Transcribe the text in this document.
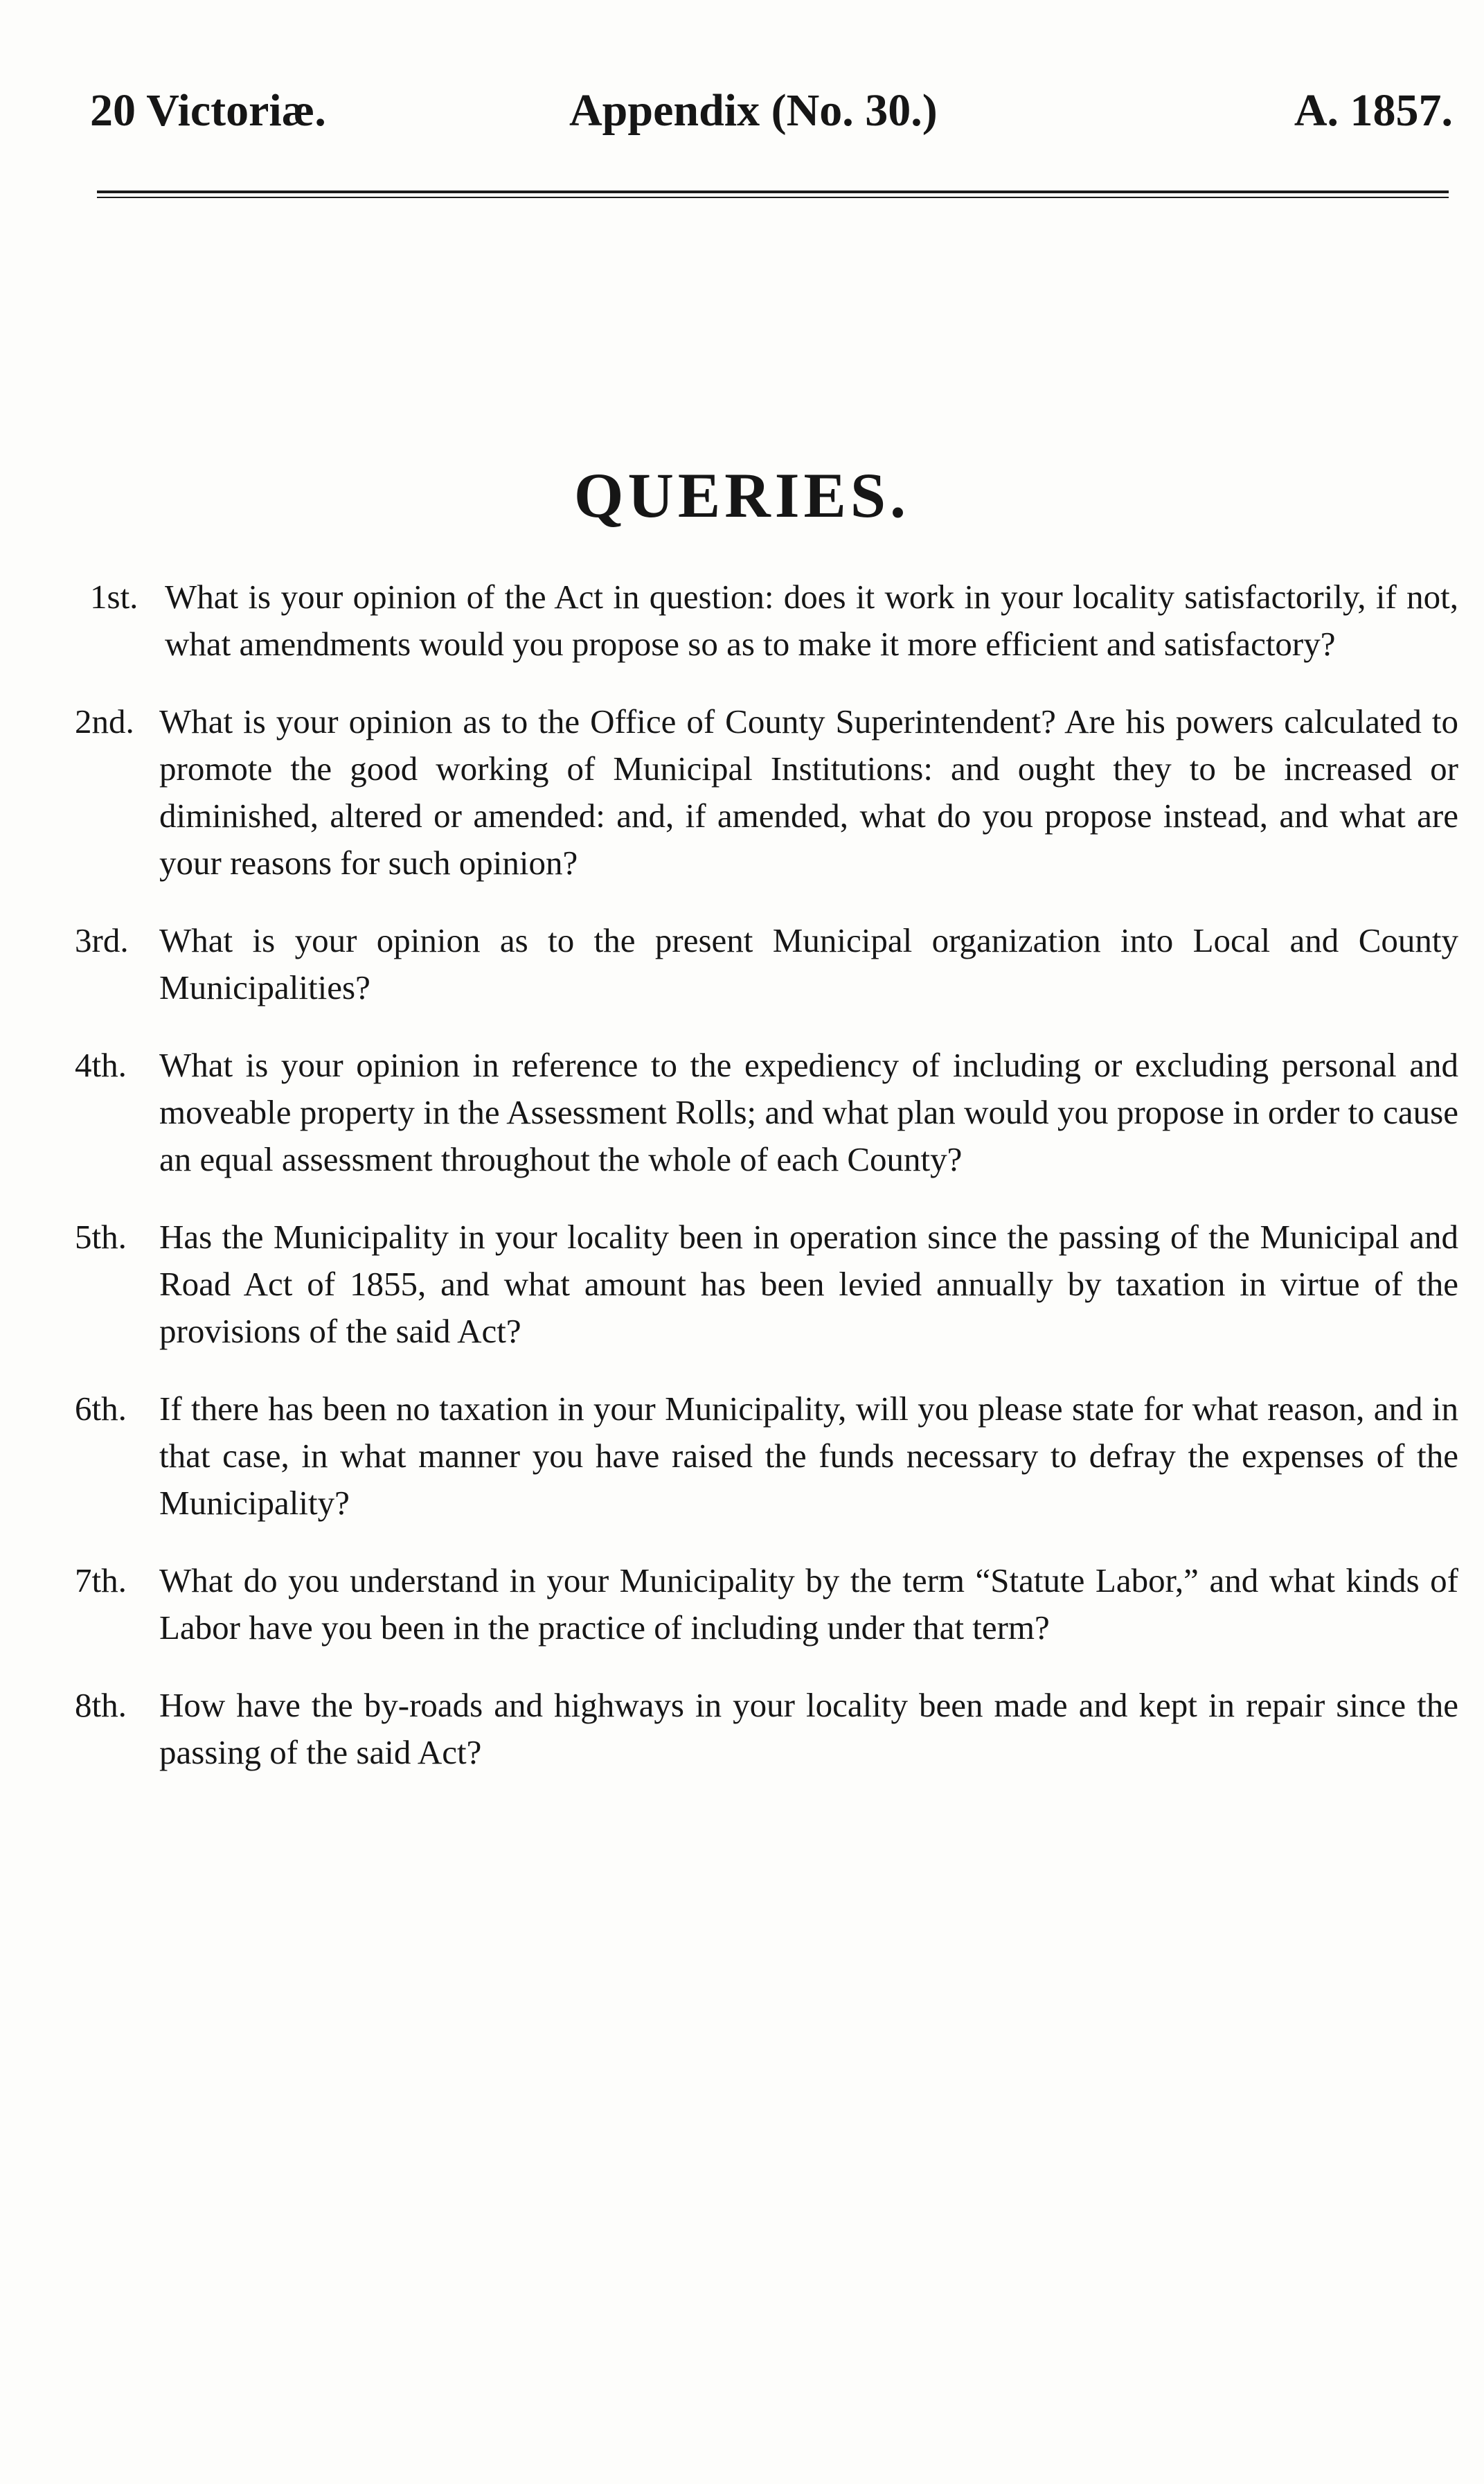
20 Victoriæ.	Appendix (No. 30.)	A. 1857.
QUERIES.
1st. What is your opinion of the Act in question: does it work in your locality satisfactorily, if not, what amendments would you propose so as to make it more efficient and satisfactory?
2nd. What is your opinion as to the Office of County Superintendent? Are his powers calculated to promote the good working of Municipal Institutions: and ought they to be increased or diminished, altered or amended: and, if amended, what do you propose instead, and what are your reasons for such opinion?
3rd. What is your opinion as to the present Municipal organization into Local and County Municipalities?
4th. What is your opinion in reference to the expediency of including or excluding personal and moveable property in the Assessment Rolls; and what plan would you propose in order to cause an equal assessment throughout the whole of each County?
5th. Has the Municipality in your locality been in operation since the passing of the Municipal and Road Act of 1855, and what amount has been levied annually by taxation in virtue of the provisions of the said Act?
6th. If there has been no taxation in your Municipality, will you please state for what reason, and in that case, in what manner you have raised the funds necessary to defray the expenses of the Municipality?
7th. What do you understand in your Municipality by the term “Statute Labor,” and what kinds of Labor have you been in the practice of including under that term?
8th. How have the by-roads and highways in your locality been made and kept in repair since the passing of the said Act?
